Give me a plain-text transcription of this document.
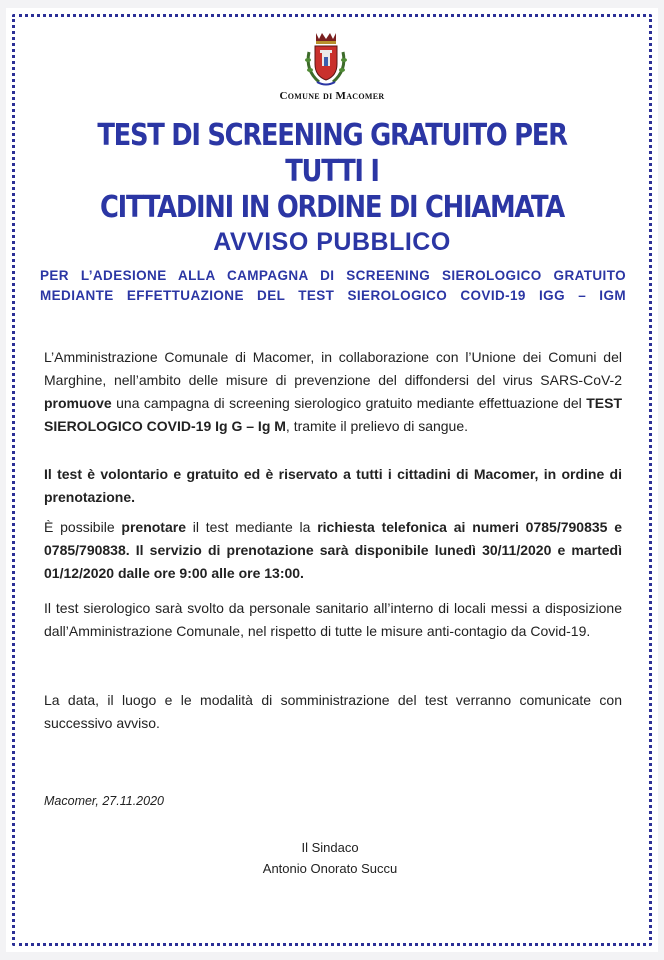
Comune di Macomer
TEST DI SCREENING GRATUITO PER TUTTI I
CITTADINI IN ORDINE DI CHIAMATA
AVVISO PUBBLICO
PER L’ADESIONE ALLA CAMPAGNA DI SCREENING SIEROLOGICO GRATUITO
MEDIANTE EFFETTUAZIONE DEL TEST SIEROLOGICO COVID-19 IGG – IGM
L’Amministrazione Comunale di Macomer, in collaborazione con l’Unione dei Comuni del Marghine, nell’ambito delle misure di prevenzione del diffondersi del virus SARS-CoV-2 promuove una campagna di screening sierologico gratuito mediante effettuazione del TEST SIEROLOGICO COVID-19 Ig G – Ig M, tramite il prelievo di sangue.
Il test è volontario e gratuito ed è riservato a tutti i cittadini di Macomer, in ordine di prenotazione.
È possibile prenotare il test mediante la richiesta telefonica ai numeri 0785/790835 e 0785/790838. Il servizio di prenotazione sarà disponibile lunedì 30/11/2020 e martedì 01/12/2020 dalle ore 9:00 alle ore 13:00.
Il test sierologico sarà svolto da personale sanitario all’interno di locali messi a disposizione dall’Amministrazione Comunale, nel rispetto di tutte le misure anti-contagio da Covid-19.
La data, il luogo e le modalità di somministrazione del test verranno comunicate con successivo avviso.
Macomer, 27.11.2020
Il Sindaco
Antonio Onorato Succu
